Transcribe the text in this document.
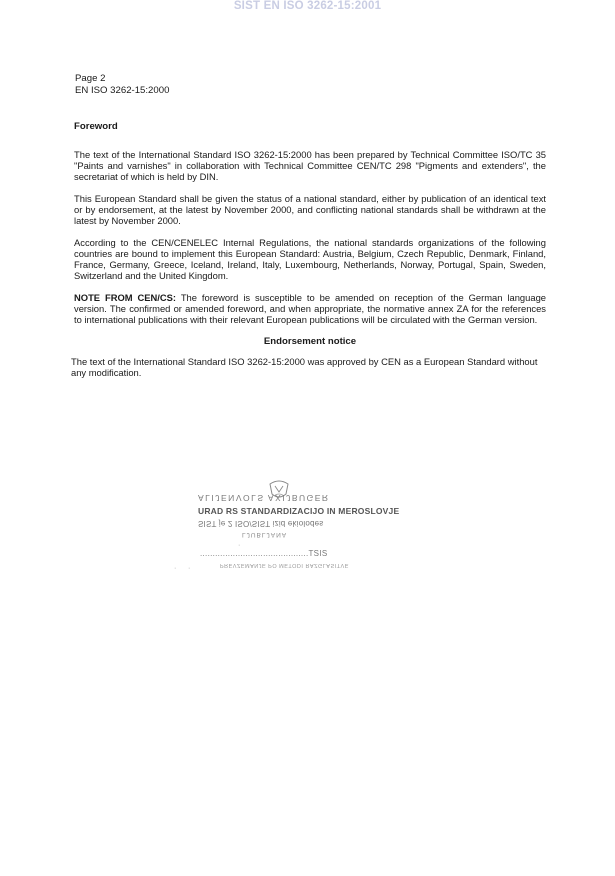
SIST EN ISO 3262-15:2001
Page 2
EN ISO 3262-15:2000
Foreword

The text of the International Standard ISO 3262-15:2000 has been prepared by Technical Committee ISO/TC 35 "Paints and varnishes" in collaboration with Technical Committee CEN/TC 298 "Pigments and extenders", the secretariat of which is held by DIN.

This European Standard shall be given the status of a national standard, either by publication of an identical text or by endorsement, at the latest by November 2000, and conflicting national standards shall be withdrawn at the latest by November 2000.

According to the CEN/CENELEC Internal Regulations, the national standards organizations of the following countries are bound to implement this European Standard: Austria, Belgium, Czech Republic, Denmark, Finland, France, Germany, Greece, Iceland, Ireland, Italy, Luxembourg, Netherlands, Norway, Portugal, Spain, Sweden, Switzerland and the United Kingdom.

NOTE FROM CEN/CS: The foreword is susceptible to be amended on reception of the German language version. The confirmed or amended foreword, and when appropriate, the normative annex ZA for the references to international publications with their relevant European publications will be circulated with the German version.

Endorsement notice

The text of the International Standard ISO 3262-15:2000 was approved by CEN as a European Standard without any modification.

ALIJENVOLS AXIJBUGER
URAD RS STANDARDIZACIJO IN MEROSLOVJE
SIST je 2 ISO/SIST izid ekiolodes
LJUBLJANA
...........................................TSIS
PREVZEMANJE PO METODI RAZGLASITVE
· ·
·
